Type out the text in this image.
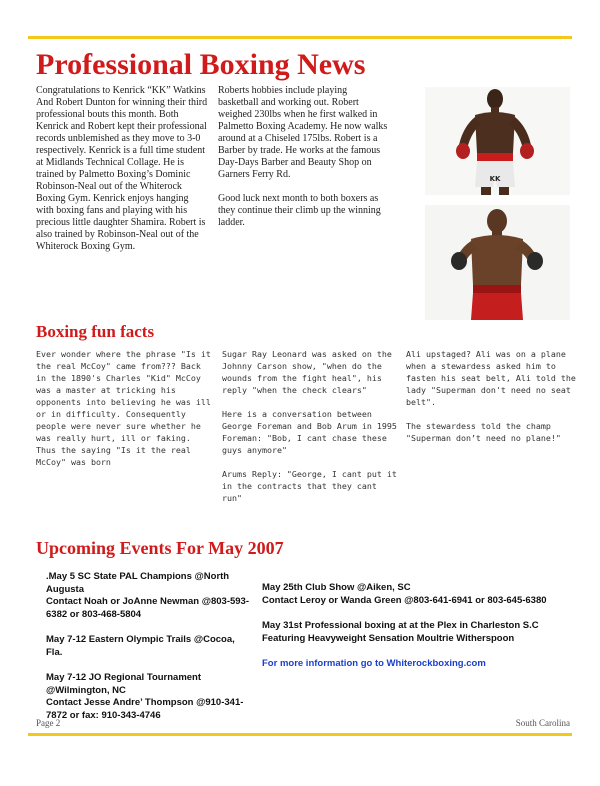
Professional Boxing News
Congratulations to Kenrick “KK” Watkins And Robert Dunton for winning their third professional bouts this month. Both Kenrick and Robert kept their professional records unblemished as they move to 3-0 respectively. Kenrick is a full time student at Midlands Technical Collage. He is trained by Palmetto Boxing’s Dominic Robinson-Neal out of the Whiterock Boxing Gym. Kenrick enjoys hanging with boxing fans and playing with his precious little daughter Shamira. Robert is also trained by Robinson-Neal out of the Whiterock Boxing Gym.

Roberts hobbies include playing basketball and working out. Robert weighed 230lbs when he first walked in Palmetto Boxing Academy. He now walks around at a Chiseled 175lbs. Robert is a Barber by trade. He works at the famous Day-Days Barber and Beauty Shop on Garners Ferry Rd.

Good luck next month to both boxers as they continue their climb up the winning ladder.

KK
Boxing fun facts

Ever wonder where the phrase "Is it the real McCoy" came from??? Back in the 1890's Charles "Kid" McCoy was a master at tricking his opponents into believing he was ill or in difficulty. Consequently people were never sure whether he was really hurt, ill or faking. Thus the saying "Is it the real McCoy" was born

Sugar Ray Leonard was asked on the Johnny Carson show, "when do the wounds from the fight heal", his reply "when the check clears"

Here is a conversation between George Foreman and Bob Arum in 1995 Foreman: "Bob, I cant chase these guys anymore"

Arums Reply: "George, I cant put it in the contracts that they cant run"

Ali upstaged? Ali was on a plane when a stewardess asked him to fasten his seat belt, Ali told the lady "Superman don't need no seat belt".

The stewardess told the champ "Superman don’t need no plane!"

Upcoming Events For May 2007

.May 5 SC State PAL Champions @North Augusta
Contact Noah or JoAnne Newman @803-593-6382 or 803-468-5804

May 7-12 Eastern Olympic Trails @Cocoa, Fla.

May 7-12 JO Regional Tournament @Wilmington, NC
Contact Jesse Andre’ Thompson @910-341-7872 or fax: 910-343-4746

May 25th Club Show @Aiken, SC
Contact Leroy or Wanda Green @803-641-6941 or 803-645-6380

May 31st Professional boxing at at the Plex in Charleston S.C Featuring Heavyweight Sensation Moultrie Witherspoon

For more information go to Whiterockboxing.com

Page 2	South Carolina
